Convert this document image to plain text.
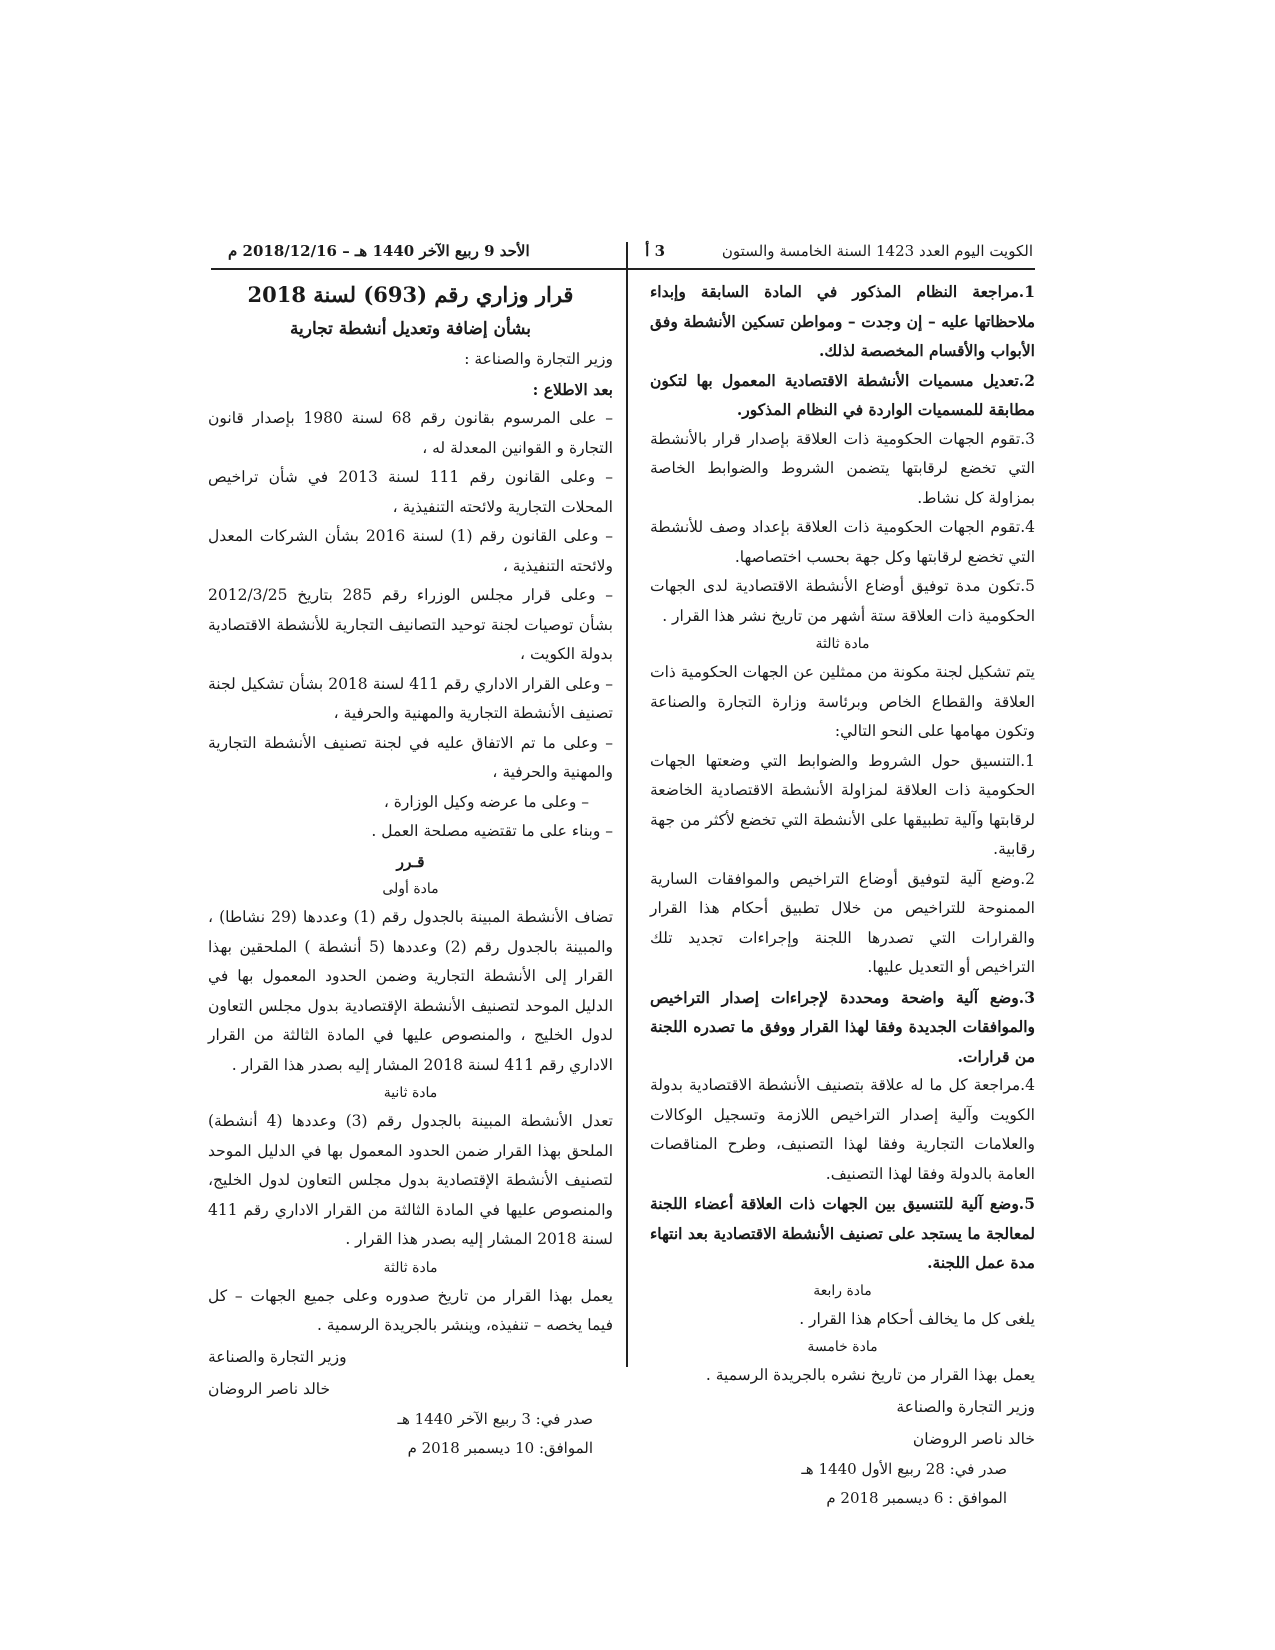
الكويت اليوم العدد 1423 السنة الخامسة والستون
3 أ
الأحد 9 ربيع الآخر 1440 هـ – 2018/12/16 م

1.مراجعة النظام المذكور في المادة السابقة وإبداء ملاحظاتها عليه – إن وجدت – ومواطن تسكين الأنشطة وفق الأبواب والأقسام المخصصة لذلك.

2.تعديل مسميات الأنشطة الاقتصادية المعمول بها لتكون مطابقة للمسميات الواردة في النظام المذكور.

3.تقوم الجهات الحكومية ذات العلاقة بإصدار قرار بالأنشطة التي تخضع لرقابتها يتضمن الشروط والضوابط الخاصة بمزاولة كل نشاط.

4.تقوم الجهات الحكومية ذات العلاقة بإعداد وصف للأنشطة التي تخضع لرقابتها وكل جهة بحسب اختصاصها.

5.تكون مدة توفيق أوضاع الأنشطة الاقتصادية لدى الجهات الحكومية ذات العلاقة ستة أشهر من تاريخ نشر هذا القرار .

مادة ثالثة

يتم تشكيل لجنة مكونة من ممثلين عن الجهات الحكومية ذات العلاقة والقطاع الخاص وبرئاسة وزارة التجارة والصناعة وتكون مهامها على النحو التالي:

1.التنسيق حول الشروط والضوابط التي وضعتها الجهات الحكومية ذات العلاقة لمزاولة الأنشطة الاقتصادية الخاضعة لرقابتها وآلية تطبيقها على الأنشطة التي تخضع لأكثر من جهة رقابية.

2.وضع آلية لتوفيق أوضاع التراخيص والموافقات السارية الممنوحة للتراخيص من خلال تطبيق أحكام هذا القرار والقرارات التي تصدرها اللجنة وإجراءات تجديد تلك التراخيص أو التعديل عليها.

3.وضع آلية واضحة ومحددة لإجراءات إصدار التراخيص والموافقات الجديدة وفقا لهذا القرار ووفق ما تصدره اللجنة من قرارات.

4.مراجعة كل ما له علاقة بتصنيف الأنشطة الاقتصادية بدولة الكويت وآلية إصدار التراخيص اللازمة وتسجيل الوكالات والعلامات التجارية وفقا لهذا التصنيف، وطرح المناقصات العامة بالدولة وفقا لهذا التصنيف.

5.وضع آلية للتنسيق بين الجهات ذات العلاقة أعضاء اللجنة لمعالجة ما يستجد على تصنيف الأنشطة الاقتصادية بعد انتهاء مدة عمل اللجنة.

مادة رابعة

يلغى كل ما يخالف أحكام هذا القرار .

مادة خامسة

يعمل بهذا القرار من تاريخ نشره بالجريدة الرسمية .

وزير التجارة والصناعة

خالد ناصر الروضان

صدر في: 28 ربيع الأول 1440 هـ

الموافق : 6 ديسمبر 2018 م

قرار وزاري رقم (693) لسنة 2018

بشأن إضافة وتعديل أنشطة تجارية

وزير التجارة والصناعة :

بعد الاطلاع :

– على المرسوم بقانون رقم 68 لسنة 1980 بإصدار قانون التجارة و القوانين المعدلة له ،

– وعلى القانون رقم 111 لسنة 2013 في شأن تراخيص المحلات التجارية ولائحته التنفيذية ،

– وعلى القانون رقم (1) لسنة 2016 بشأن الشركات المعدل ولائحته التنفيذية ،

– وعلى قرار مجلس الوزراء رقم 285 بتاريخ 2012/3/25 بشأن توصيات لجنة توحيد التصانيف التجارية للأنشطة الاقتصادية بدولة الكويت ،

– وعلى القرار الاداري رقم 411 لسنة 2018 بشأن تشكيل لجنة تصنيف الأنشطة التجارية والمهنية والحرفية ،

– وعلى ما تم الاتفاق عليه في لجنة تصنيف الأنشطة التجارية والمهنية والحرفية ،

– وعلى ما عرضه وكيل الوزارة ،

– وبناء على ما تقتضيه مصلحة العمل .

قـرر

مادة أولى

تضاف الأنشطة المبينة بالجدول رقم (1) وعددها (29 نشاطا) ، والمبينة بالجدول رقم (2) وعددها (5 أنشطة ) الملحقين بهذا القرار إلى الأنشطة التجارية وضمن الحدود المعمول بها في الدليل الموحد لتصنيف الأنشطة الإقتصادية بدول مجلس التعاون لدول الخليج ، والمنصوص عليها في المادة الثالثة من القرار الاداري رقم 411 لسنة 2018 المشار إليه بصدر هذا القرار .

مادة ثانية

تعدل الأنشطة المبينة بالجدول رقم (3) وعددها (4 أنشطة) الملحق بهذا القرار ضمن الحدود المعمول بها في الدليل الموحد لتصنيف الأنشطة الإقتصادية بدول مجلس التعاون لدول الخليج، والمنصوص عليها في المادة الثالثة من القرار الاداري رقم 411 لسنة 2018 المشار إليه بصدر هذا القرار .

مادة ثالثة

يعمل بهذا القرار من تاريخ صدوره وعلى جميع الجهات – كل فيما يخصه – تنفيذه، وينشر بالجريدة الرسمية .

وزير التجارة والصناعة

خالد ناصر الروضان

صدر في: 3 ربيع الآخر 1440 هـ

الموافق: 10 ديسمبر 2018 م
